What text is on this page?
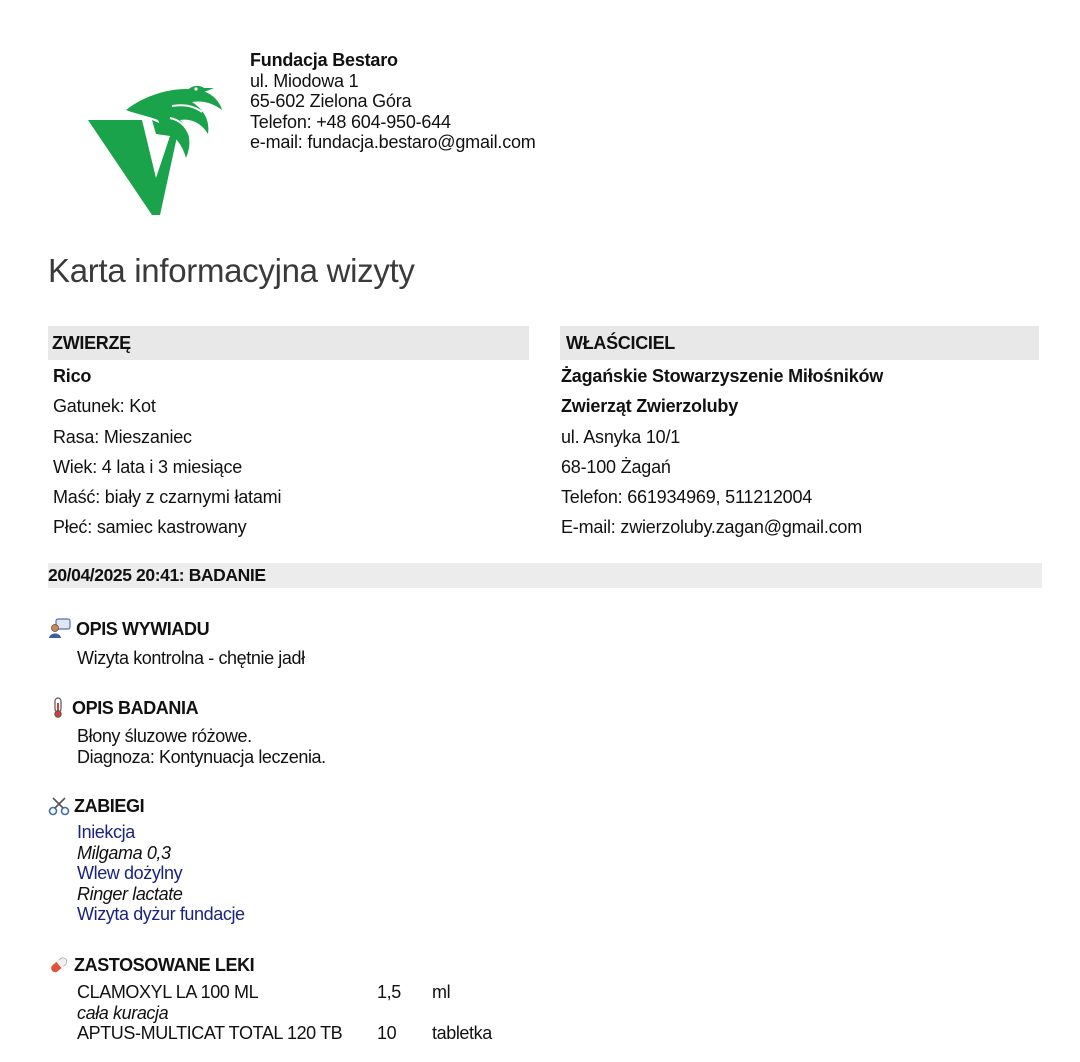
Fundacja Bestaro
ul. Miodowa 1
65-602 Zielona Góra
Telefon: +48 604-950-644
e-mail: fundacja.bestaro@gmail.com
Karta informacyjna wizyty
ZWIERZĘ
Rico
Gatunek: Kot
Rasa: Mieszaniec
Wiek: 4 lata i 3 miesiące
Maść: biały z czarnymi łatami
Płeć: samiec kastrowany
WŁAŚCICIEL
Żagańskie Stowarzyszenie Miłośników
Zwierząt Zwierzoluby
ul. Asnyka 10/1
68-100 Żagań
Telefon: 661934969, 511212004
E-mail: zwierzoluby.zagan@gmail.com
20/04/2025 20:41: BADANIE
OPIS WYWIADU
Wizyta kontrolna - chętnie jadł
OPIS BADANIA
Błony śluzowe różowe.
Diagnoza: Kontynuacja leczenia.
ZABIEGI
Iniekcja
Milgama 0,3
Wlew dożylny
Ringer lactate
Wizyta dyżur fundacje
ZASTOSOWANE LEKI
CLAMOXYL LA 100 ML	1,5 ml
cała kuracja
APTUS-MULTICAT TOTAL 120 TB 10 tabletka
